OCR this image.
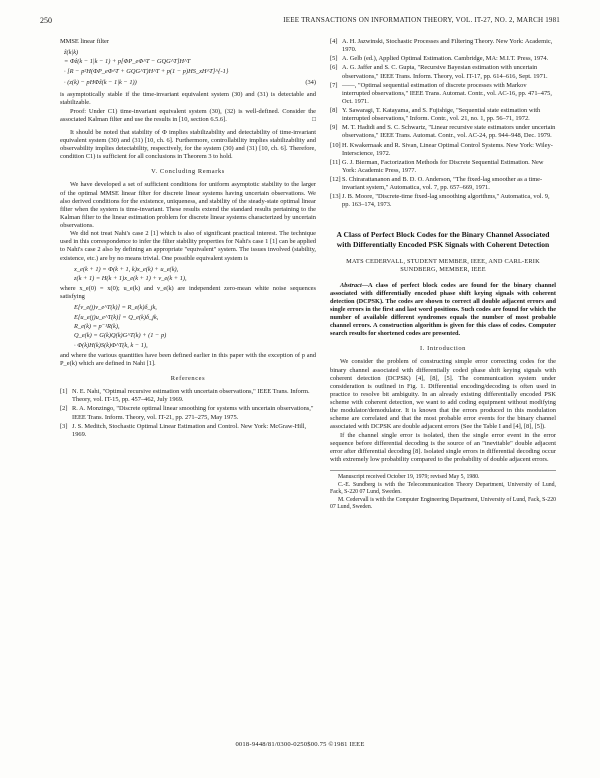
250	IEEE TRANSACTIONS ON INFORMATION THEORY, VOL. IT-27, NO. 2, MARCH 1981

MMSE linear filter

ẑ(k|k)
= Φẑ(k − 1|k − 1) + p[ΦP_eΦ^T − GQG^T]H^T
· [R − p²H(ΦP_eΦ^T + GQG^T)H^T + p(1 − p)HS_xH^T]^{-1}
· (z(k) − pHΦẑ(k − 1|k − 1))	(34)

is asymptotically stable if the time-invariant equivalent system (30) and (31) is detectable and stabilizable.

Proof: Under C1) time-invariant equivalent system (30), (32) is well-defined. Consider the associated Kalman filter and use the results in [10, section 6.5.6].	□

It should be noted that stability of Φ implies stabilizability and detectability of time-invariant equivalent system (30) and (31) [10, ch. 6]. Furthermore, controllability implies stabilizability and observability implies detectability, respectively, for the system (30) and (31) [10, ch. 6]. Therefore, condition C1) is sufficient for all conclusions in Theorem 3 to hold.

V. Concluding Remarks

We have developed a set of sufficient conditions for uniform asymptotic stability to the larger of the optimal MMSE linear filter for discrete linear systems having uncertain observations. We also derived conditions for the existence, uniqueness, and stability of the steady-state optimal linear filter when the system is time-invariant. These results extend the standard results pertaining to the Kalman filter to the linear estimation problem for discrete linear systems characterized by uncertain observations.

We did not treat Nahi's case 2 [1] which is also of significant practical interest. The technique used in this correspondence to infer the filter stability properties for Nahi's case 1 [1] can be applied to Nahi's case 2 also by defining an appropriate "equivalent" system. The issues involved (stability, existence, etc.) are by no means trivial. One possible equivalent system is

x_e(k + 1) = Φ(k + 1, k)x_e(k) + u_e(k),
z(k + 1) = H(k + 1)x_e(k + 1) + v_e(k + 1),

where x_e(0) = x(0); u_e(k) and v_e(k) are independent zero-mean white noise sequences satisfying

E[v_e(j)v_e^T(k)] = R_e(k)δ_jk,
E[u_e(j)u_e^T(k)] = Q_e(k)δ_jk,
R_e(k) = p⁻¹R(k),
Q_e(k) = G(k)Q(k)G^T(k) + (1 − p)
· Φ(k)H(k)S(k)Φ^T(k, k − 1),

and where the various quantities have been defined earlier in this paper with the exception of p and P_e(k) which are defined in Nahi [1].

References
[1] N. E. Nahi, "Optimal recursive estimation with uncertain observations," IEEE Trans. Inform. Theory, vol. IT-15, pp. 457–462, July 1969.
[2] R. A. Monzingo, "Discrete optimal linear smoothing for systems with uncertain observations," IEEE Trans. Inform. Theory, vol. IT-21, pp. 271–275, May 1975.
[3] J. S. Meditch, Stochastic Optimal Linear Estimation and Control. New York: McGraw-Hill, 1969.
[4] A. H. Jazwinski, Stochastic Processes and Filtering Theory. New York: Academic, 1970.
[5] A. Gelb (ed.), Applied Optimal Estimation. Cambridge, MA: M.I.T. Press, 1974.
[6] A. G. Jaffer and S. C. Gupta, "Recursive Bayesian estimation with uncertain observations," IEEE Trans. Inform. Theory, vol. IT-17, pp. 614–616, Sept. 1971.
[7] ——, "Optimal sequential estimation of discrete processes with Markov interrupted observations," IEEE Trans. Automat. Contr., vol. AC-16, pp. 471–475, Oct. 1971.
[8] Y. Sawaragi, T. Katayama, and S. Fujishige, "Sequential state estimation with interrupted observations," Inform. Contr., vol. 21, no. 1, pp. 56–71, 1972.
[9] M. T. Hadidi and S. C. Schwartz, "Linear recursive state estimators under uncertain observations," IEEE Trans. Automat. Contr., vol. AC-24, pp. 944–948, Dec. 1979.
[10]H. Kwakernaak and R. Sivan, Linear Optimal Control Systems. New York: Wiley-Interscience, 1972.
[11] G. J. Bierman, Factorization Methods for Discrete Sequential Estimation. New York: Academic Press, 1977.
[12]S. Chirarattananon and B. D. O. Anderson, "The fixed-lag smoother as a time-invariant system," Automatica, vol. 7, pp. 657–669, 1971.
[13]J. B. Moore, "Discrete-time fixed-lag smoothing algorithms," Automatica, vol. 9, pp. 163–174, 1973.
A Class of Perfect Block Codes for the Binary Channel Associated with Differentially Encoded PSK Signals with Coherent Detection
MATS CEDERVALL, STUDENT MEMBER, IEEE, AND CARL-ERIK SUNDBERG, MEMBER, IEEE

Abstract—A class of perfect block codes are found for the binary channel associated with differentially encoded phase shift keying signals with coherent detection (DCPSK). The codes are shown to correct all double adjacent errors and single errors in the first and last word positions. Such codes are found for which the number of available different syndromes equals the number of most probable channel errors. A construction algorithm is given for this class of codes. Computer search results for shortened codes are presented.

I. Introduction

We consider the problem of constructing simple error correcting codes for the binary channel associated with differentially coded phase shift keying signals with coherent detection (DCPSK) [4], [8], [5]. The communication system under consideration is outlined in Fig. 1. Differential encoding/decoding is often used in practice to resolve bit ambiguity. In an already existing differentially encoded PSK scheme with coherent detection, we want to add coding equipment without modifying the modulator/demodulator. It is known that the errors produced in this modulation scheme are correlated and that the most probable error events for the binary channel associated with DCPSK are double adjacent errors (See the Table I and [4], [8], [5]).

If the channel single error is isolated, then the single error event in the error sequence before differential decoding is the source of an "inevitable" double adjacent error after differential decoding [8]. Isolated single errors in differential decoding occur with extremely low probability compared to the probability of double adjacent errors.

Manuscript received October 19, 1979; revised May 5, 1980.

C.-E. Sundberg is with the Telecommunication Theory Department, University of Lund, Fack, S-220 07 Lund, Sweden.

M. Cedervall is with the Computer Engineering Department, University of Lund, Fack, S-220 07 Lund, Sweden.

0018-9448/81/0300-0250$00.75 ©1981 IEEE
